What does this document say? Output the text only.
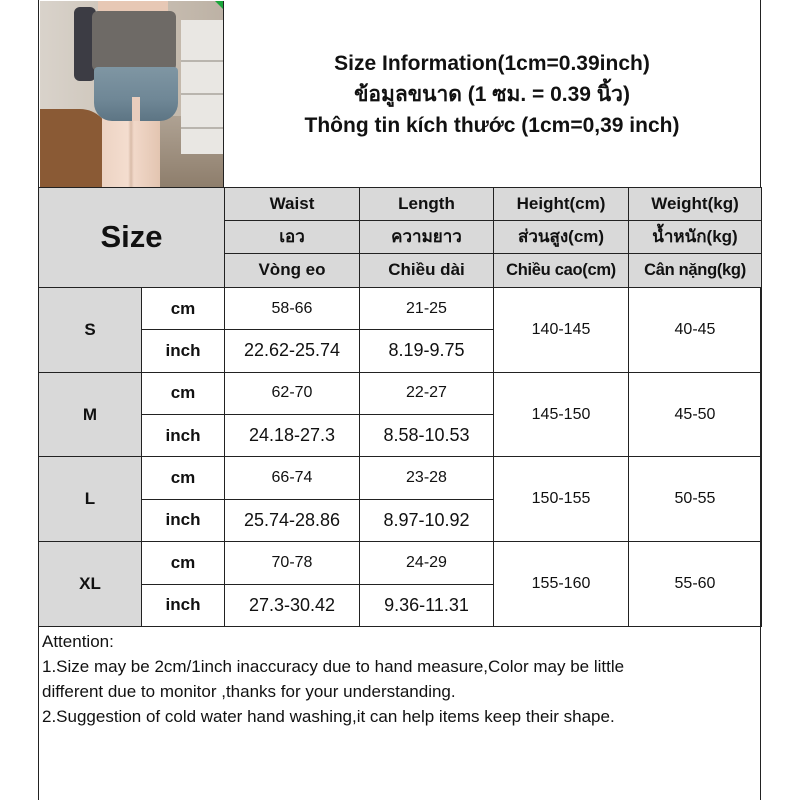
Size Information(1cm=0.39inch)
ข้อมูลขนาด (1 ซม. = 0.39 นิ้ว)
Thông tin kích thước (1cm=0,39 inch)
Size		Waist	Length	Height(cm)	Weight(kg)
		เอว	ความยาว	ส่วนสูง(cm)	น้ำหนัก(kg)
		Vòng eo	Chiều dài	Chiều cao(cm)	Cân nặng(kg)
S	cm	58-66	21-25	140-145	40-45
	inch	22.62-25.74	8.19-9.75		
M	cm	62-70	22-27	145-150	45-50
	inch	24.18-27.3	8.58-10.53		
L	cm	66-74	23-28	150-155	50-55
	inch	25.74-28.86	8.97-10.92		
XL	cm	70-78	24-29	155-160	55-60
	inch	27.3-30.42	9.36-11.31		
Attention:
1.Size may be 2cm/1inch inaccuracy due to hand measure,Color may be little
different due to monitor ,thanks for your understanding.
2.Suggestion of cold water hand washing,it can help items keep their shape.
